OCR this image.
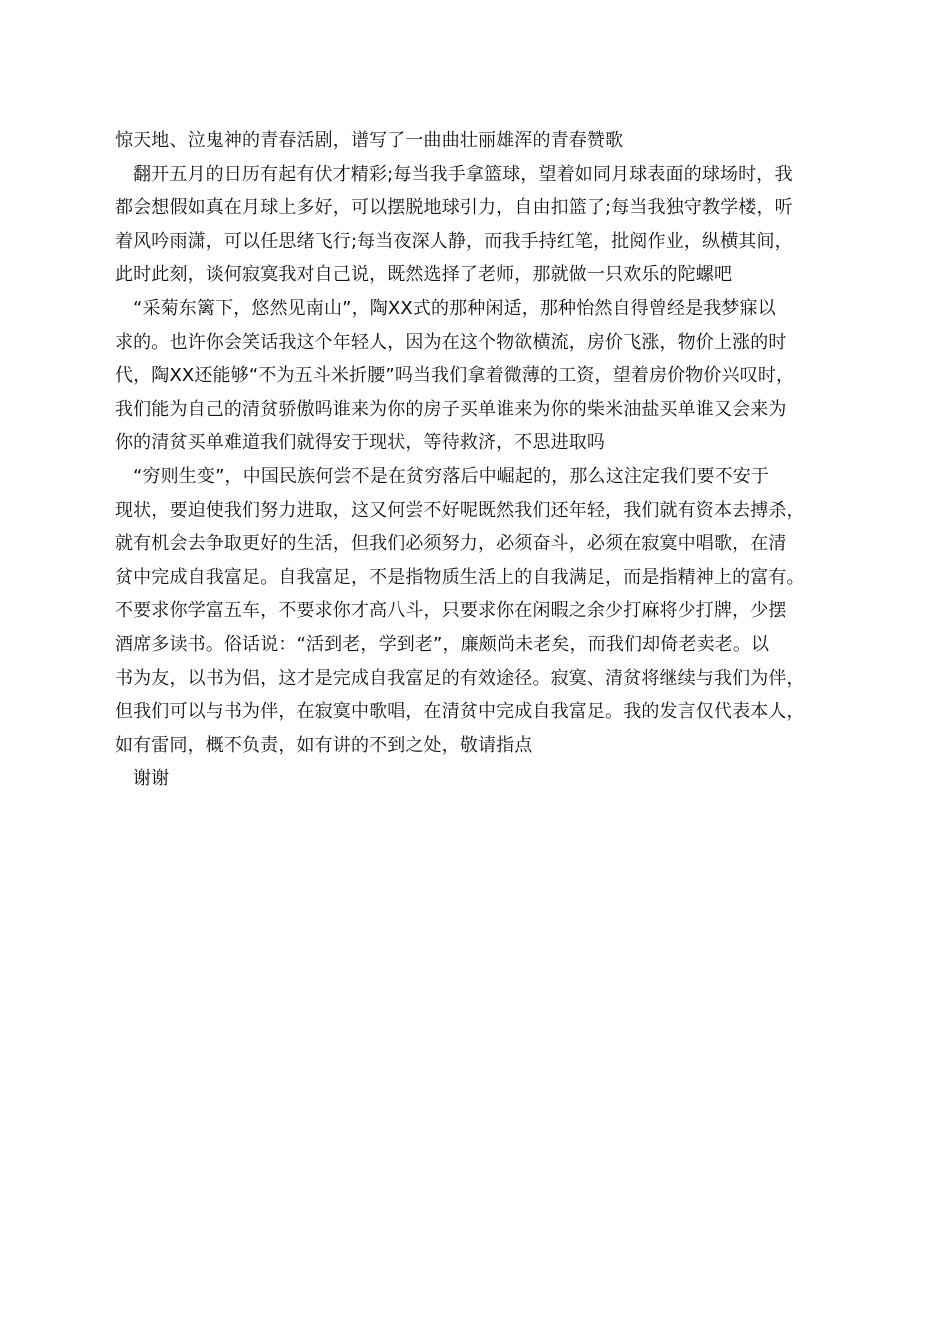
惊天地、泣鬼神的青春活剧，谱写了一曲曲壮丽雄浑的青春赞歌
翻开五月的日历有起有伏才精彩;每当我手拿篮球，望着如同月球表面的球场时，我
都会想假如真在月球上多好，可以摆脱地球引力，自由扣篮了;每当我独守教学楼，听
着风吟雨潇，可以任思绪飞行;每当夜深人静，而我手持红笔，批阅作业，纵横其间，
此时此刻，谈何寂寞我对自己说，既然选择了老师，那就做一只欢乐的陀螺吧
“采菊东篱下，悠然见南山”，陶XX式的那种闲适，那种怡然自得曾经是我梦寐以
求的。也许你会笑话我这个年轻人，因为在这个物欲横流，房价飞涨，物价上涨的时
代，陶XX还能够“不为五斗米折腰”吗当我们拿着微薄的工资，望着房价物价兴叹时，
我们能为自己的清贫骄傲吗谁来为你的房子买单谁来为你的柴米油盐买单谁又会来为
你的清贫买单难道我们就得安于现状，等待救济，不思进取吗
“穷则生变”，中国民族何尝不是在贫穷落后中崛起的，那么这注定我们要不安于
现状，要迫使我们努力进取，这又何尝不好呢既然我们还年轻，我们就有资本去搏杀，
就有机会去争取更好的生活，但我们必须努力，必须奋斗，必须在寂寞中唱歌，在清
贫中完成自我富足。自我富足，不是指物质生活上的自我满足，而是指精神上的富有。
不要求你学富五车，不要求你才高八斗，只要求你在闲暇之余少打麻将少打牌，少摆
酒席多读书。俗话说：“活到老，学到老”，廉颇尚未老矣，而我们却倚老卖老。以
书为友，以书为侣，这才是完成自我富足的有效途径。寂寞、清贫将继续与我们为伴，
但我们可以与书为伴，在寂寞中歌唱，在清贫中完成自我富足。我的发言仅代表本人，
如有雷同，概不负责，如有讲的不到之处，敬请指点
谢谢
